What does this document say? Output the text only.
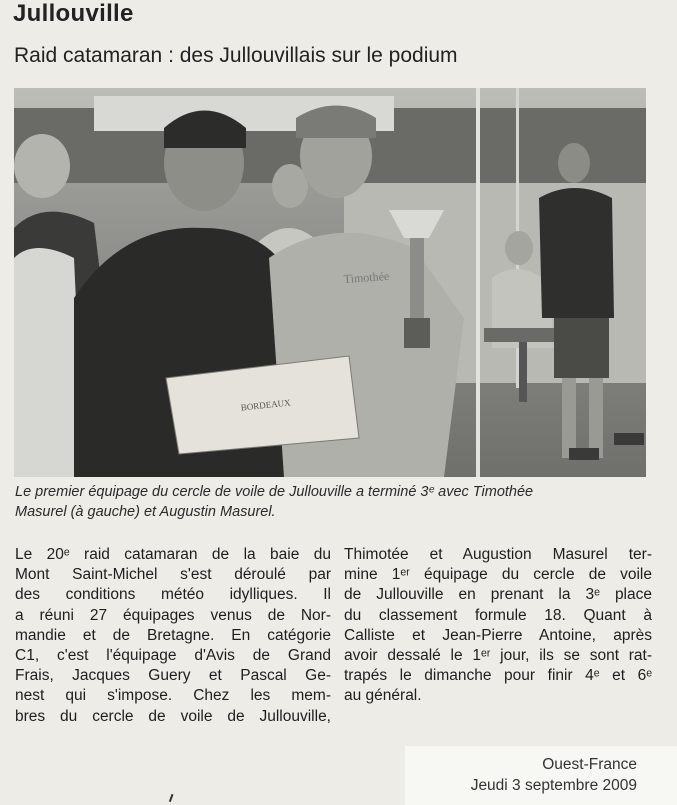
Jullouville
Raid catamaran : des Jullouvillais sur le podium
BORDEAUX
Timothée
Le premier équipage du cercle de voile de Jullouville a terminé 3ᵉ avec Timothée
Masurel (à gauche) et Augustin Masurel.
Le 20ᵉ raid catamaran de la baie du
Mont Saint-Michel s'est déroulé par
des conditions météo idylliques. Il
a réuni 27 équipages venus de Nor-
mandie et de Bretagne. En catégorie
C1, c'est l'équipage d'Avis de Grand
Frais, Jacques Guery et Pascal Ge-
nest qui s'impose. Chez les mem-
bres du cercle de voile de Jullouville,
Thimotée et Augustion Masurel ter-
mine 1ᵉʳ équipage du cercle de voile
de Jullouville en prenant la 3ᵉ place
du classement formule 18. Quant à
Calliste et Jean-Pierre Antoine, après
avoir dessalé le 1ᵉʳ jour, ils se sont rat-
trapés le dimanche pour finir 4ᵉ et 6ᵉ
au général.
Ouest-France
Jeudi 3 septembre 2009
